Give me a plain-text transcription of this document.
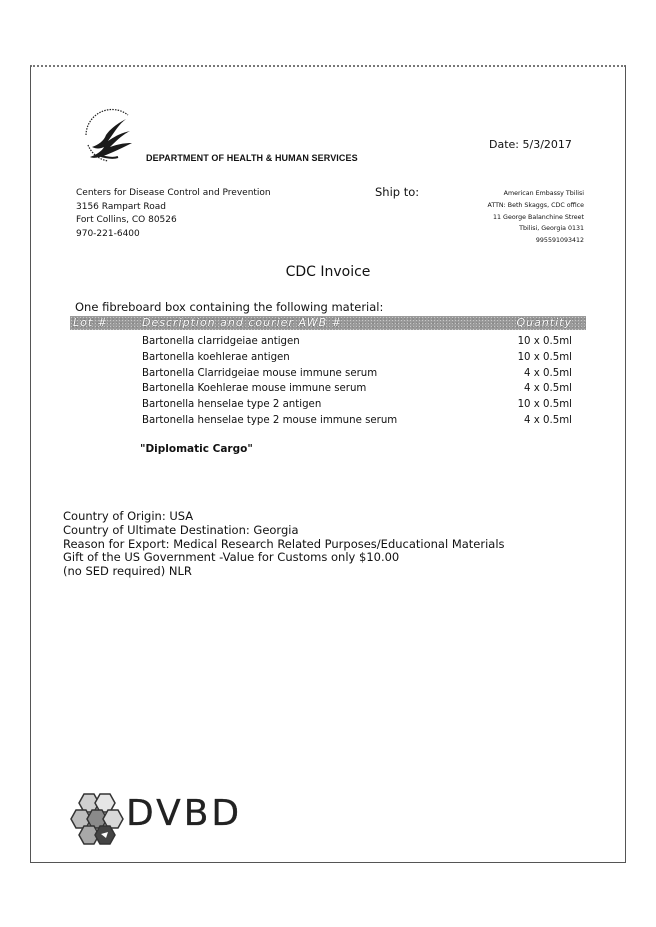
DEPARTMENT OF HEALTH & HUMAN SERVICES
Date: 5/3/2017
Centers for Disease Control and Prevention
3156 Rampart Road
Fort Collins, CO 80526
970-221-6400
Ship to:	American Embassy Tbilisi
ATTN: Beth Skaggs, CDC office
11 George Balanchine Street
Tbilisi, Georgia 0131
995591093412
CDC Invoice
One fibreboard box containing the following material:
Lot #	Description and courier AWB #	Quantity
Bartonella clarridgeiae antigen	10 x 0.5ml
Bartonella koehlerae antigen	10 x 0.5ml
Bartonella Clarridgeiae mouse immune serum	4 x 0.5ml
Bartonella Koehlerae mouse immune serum	4 x 0.5ml
Bartonella henselae type 2 antigen	10 x 0.5ml
Bartonella henselae type 2 mouse immune serum	4 x 0.5ml
"Diplomatic Cargo"
Country of Origin: USA
Country of Ultimate Destination: Georgia
Reason for Export: Medical Research Related Purposes/Educational Materials
Gift of the US Government -Value for Customs only $10.00
(no SED required) NLR
DVBD
